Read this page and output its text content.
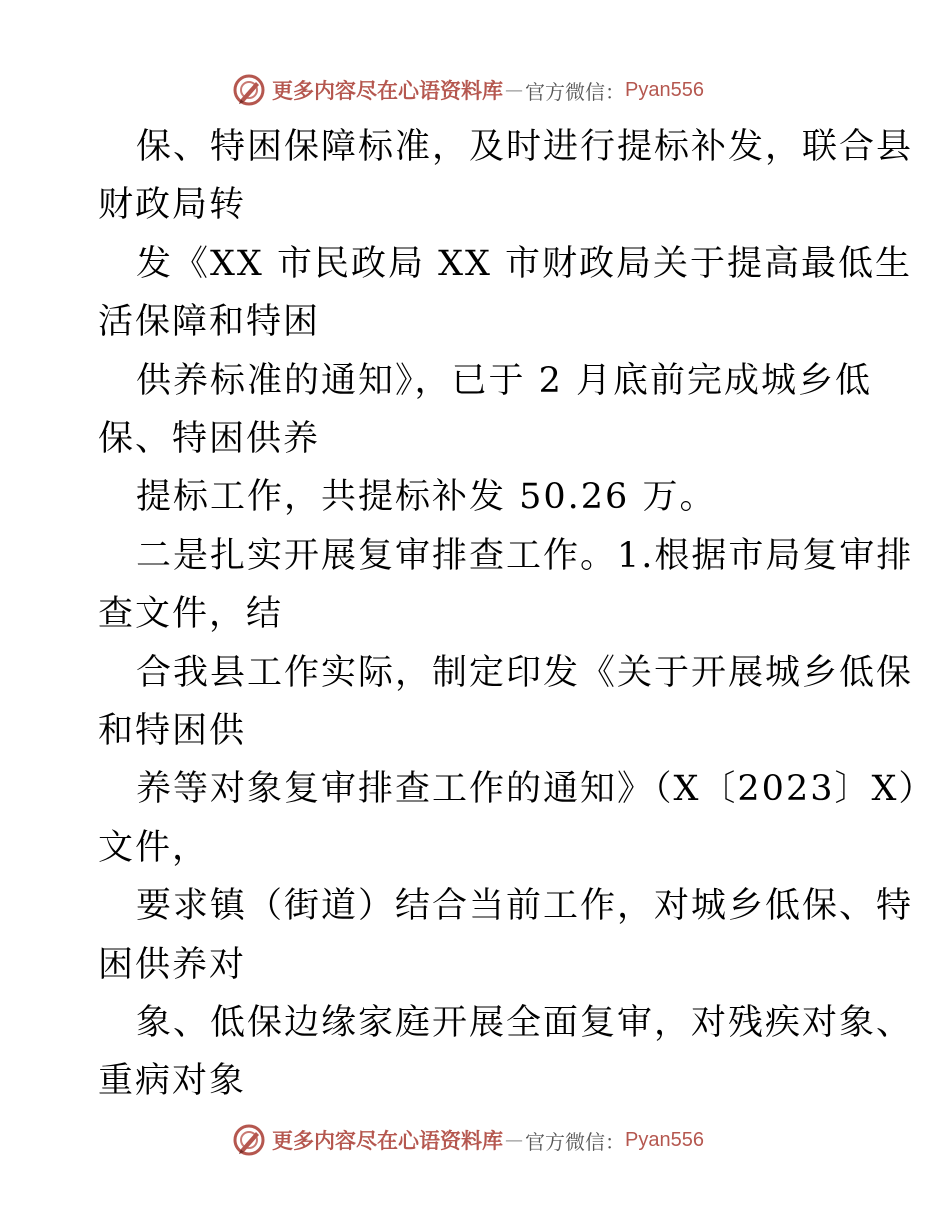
更多内容尽在心语资料库 — 官方微信： Pyan556
保、特困保障标准，及时进行提标补发，联合县
财政局转
发《XX 市民政局 XX 市财政局关于提高最低生
活保障和特困
供养标准的通知》，已于 2 月底前完成城乡低
保、特困供养
提标工作，共提标补发 50.26 万。
二是扎实开展复审排查工作。1.根据市局复审排
查文件，结
合我县工作实际，制定印发《关于开展城乡低保
和特困供
养等对象复审排查工作的通知》（X〔2023〕X）
文件，
要求镇（街道）结合当前工作，对城乡低保、特
困供养对
象、低保边缘家庭开展全面复审，对残疾对象、
重病对象
更多内容尽在心语资料库 — 官方微信： Pyan556
